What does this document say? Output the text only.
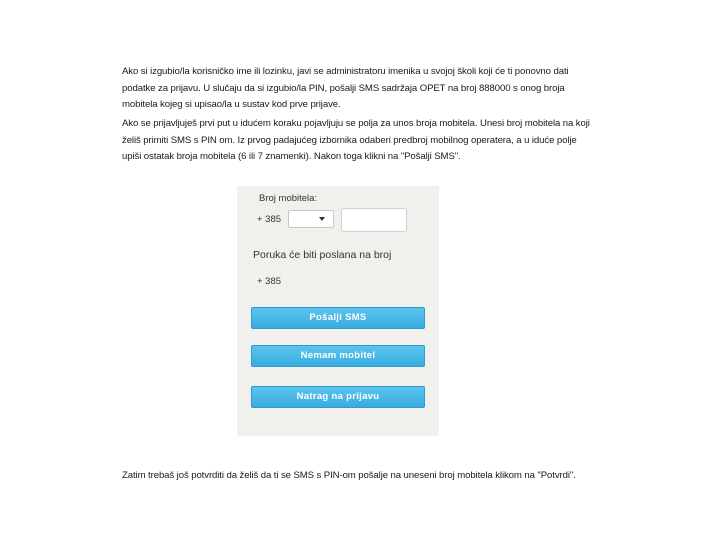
Ako si izgubio/la korisničko ime ili lozinku, javi se administratoru imenika u svojoj školi koji će ti ponovno dati podatke za prijavu. U slučaju da si izgubio/la PIN, pošalji SMS sadržaja OPET na broj 888000 s onog broja mobitela kojeg si upisao/la u sustav kod prve prijave.
Ako se prijavljuješ prvi put u idućem koraku pojavljuju se polja za unos broja mobitela. Unesi broj mobitela na koji želiš primiti SMS s PIN om. Iz prvog padajućeg izbornika odaberi predbroj mobilnog operatera, a u iduće polje upiši ostatak broja mobitela (6 ili 7 znamenki). Nakon toga klikni na "Pošalji SMS".
Broj mobitela:
+ 385
Poruka će biti poslana na broj
+ 385
Pošalji SMS
Nemam mobitel
Natrag na prijavu
Zatim trebaš još potvrditi da želiš da ti se SMS s PIN-om pošalje na uneseni broj mobitela klikom na "Potvrdi".
